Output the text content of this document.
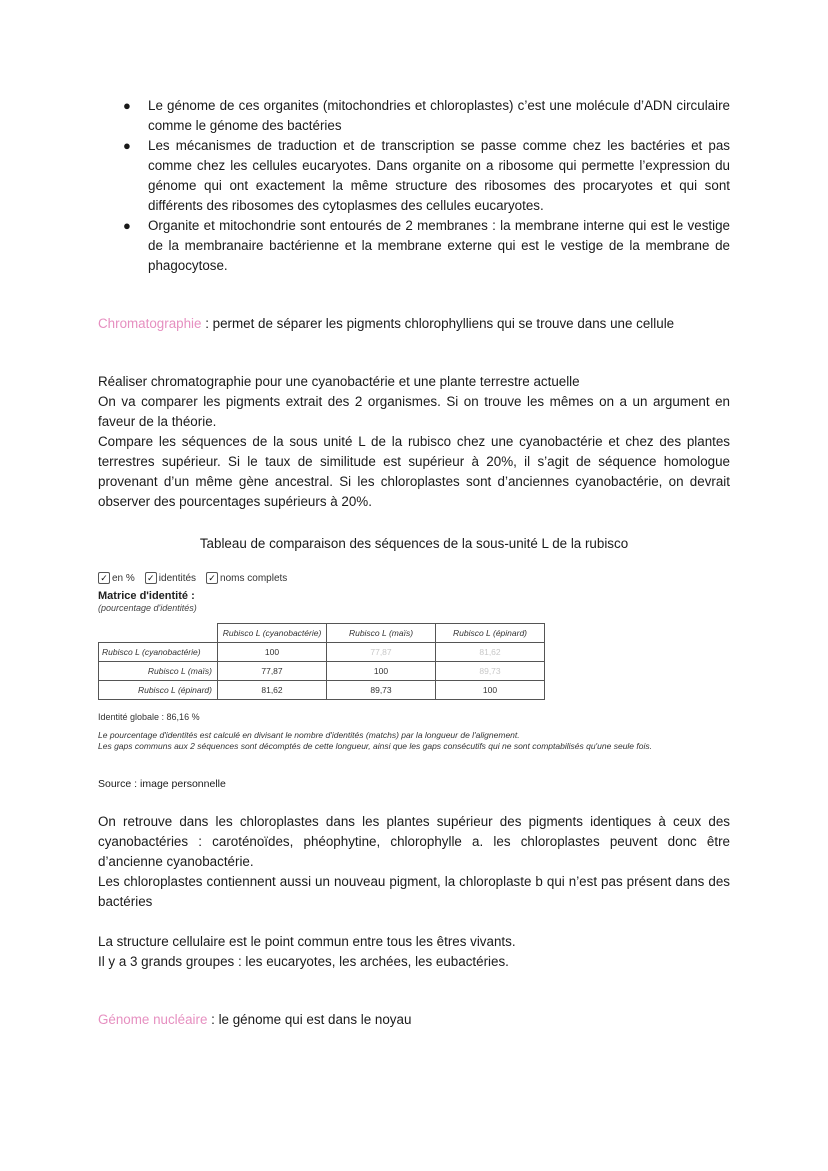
● Le génome de ces organites (mitochondries et chloroplastes) c’est une molécule d’ADN circulaire comme le génome des bactéries
● Les mécanismes de traduction et de transcription se passe comme chez les bactéries et pas comme chez les cellules eucaryotes. Dans organite on a ribosome qui permette l’expression du génome qui ont exactement la même structure des ribosomes des procaryotes et qui sont différents des ribosomes des cytoplasmes des cellules eucaryotes.
● Organite et mitochondrie sont entourés de 2 membranes : la membrane interne qui est le vestige de la membranaire bactérienne et la membrane externe qui est le vestige de la membrane de phagocytose.

Chromatographie : permet de séparer les pigments chlorophylliens qui se trouve dans une cellule

Réaliser chromatographie pour une cyanobactérie et une plante terrestre actuelle

On va comparer les pigments extrait des 2 organismes. Si on trouve les mêmes on a un argument en faveur de la théorie.

Compare les séquences de la sous unité L de la rubisco chez une cyanobactérie et chez des plantes terrestres supérieur. Si le taux de similitude est supérieur à 20%, il s’agit de séquence homologue provenant d’un même gène ancestral. Si les chloroplastes sont d’anciennes cyanobactérie, on devrait observer des pourcentages supérieurs à 20%.

Tableau de comparaison des séquences de la sous-unité L de la rubisco

✓ en % ✓ identités ✓ noms complets
Matrice d'identité :
(pourcentage d'identités)
	Rubisco L (cyanobactérie)	Rubisco L (maïs)	Rubisco L (épinard)
Rubisco L (cyanobactérie)	100	77,87	81,62
Rubisco L (maïs)	77,87	100	89,73
Rubisco L (épinard)	81,62	89,73	100
Identité globale : 86,16 %
Le pourcentage d'identités est calculé en divisant le nombre d'identités (matchs) par la longueur de l'alignement.
Les gaps communs aux 2 séquences sont décomptés de cette longueur, ainsi que les gaps consécutifs qui ne sont comptabilisés qu'une seule fois.
Source : image personnelle

On retrouve dans les chloroplastes dans les plantes supérieur des pigments identiques à ceux des cyanobactéries : caroténoïdes, phéophytine, chlorophylle a. les chloroplastes peuvent donc être d’ancienne cyanobactérie.

Les chloroplastes contiennent aussi un nouveau pigment, la chloroplaste b qui n’est pas présent dans des bactéries

La structure cellulaire est le point commun entre tous les êtres vivants.

Il y a 3 grands groupes : les eucaryotes, les archées, les eubactéries.

Génome nucléaire : le génome qui est dans le noyau
